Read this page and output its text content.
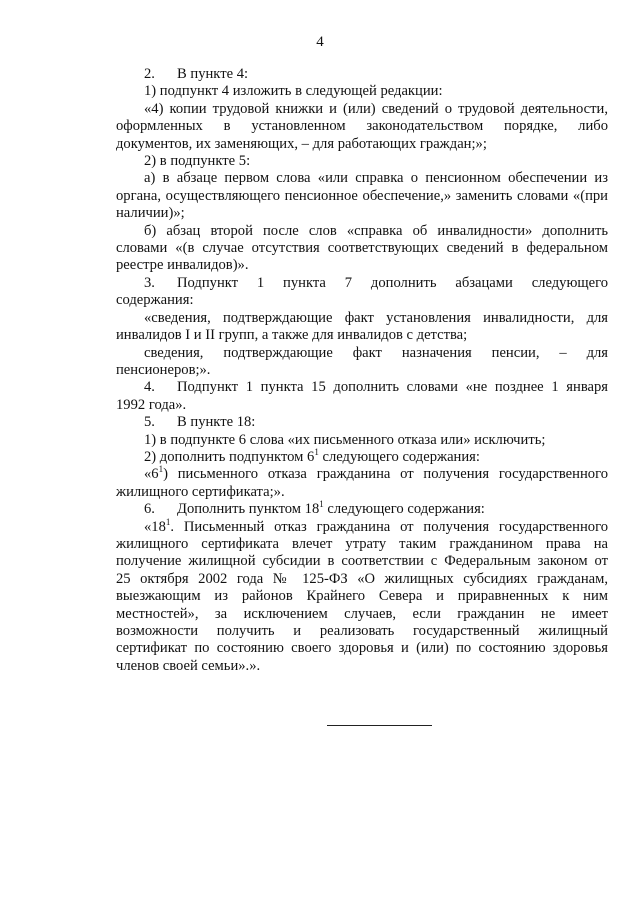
4

2. В пункте 4:

1) подпункт 4 изложить в следующей редакции:

«4) копии трудовой книжки и (или) сведений о трудовой деятельности,

оформленных в установленном законодательством порядке, либо

документов, их заменяющих, – для работающих граждан;»;

2) в подпункте 5:

а) в абзаце первом слова «или справка о пенсионном обеспечении из

органа, осуществляющего пенсионное обеспечение,» заменить словами «(при

наличии)»;

б) абзац второй после слов «справка об инвалидности» дополнить

словами «(в случае отсутствия соответствующих сведений в федеральном

реестре инвалидов)».

3. Подпункт 1 пункта 7 дополнить абзацами следующего

содержания:

«сведения, подтверждающие факт установления инвалидности, для

инвалидов I и II групп, а также для инвалидов с детства;

сведения, подтверждающие факт назначения пенсии, – для

пенсионеров;».

4. Подпункт 1 пункта 15 дополнить словами «не позднее 1 января

1992 года».

5. В пункте 18:

1) в подпункте 6 слова «их письменного отказа или» исключить;

2) дополнить подпунктом $6^1$ следующего содержания:

«$6^1$) письменного отказа гражданина от получения государственного

жилищного сертификата;».

6. Дополнить пунктом $18^1$ следующего содержания:

«$18^1$. Письменный отказ гражданина от получения государственного

жилищного сертификата влечет утрату таким гражданином права на

получение жилищной субсидии в соответствии с Федеральным законом от

25 октября 2002 года № 125-ФЗ «О жилищных субсидиях гражданам,

выезжающим из районов Крайнего Севера и приравненных к ним

местностей», за исключением случаев, если гражданин не имеет

возможности получить и реализовать государственный жилищный

сертификат по состоянию своего здоровья и (или) по состоянию здоровья

членов своей семьи».».
